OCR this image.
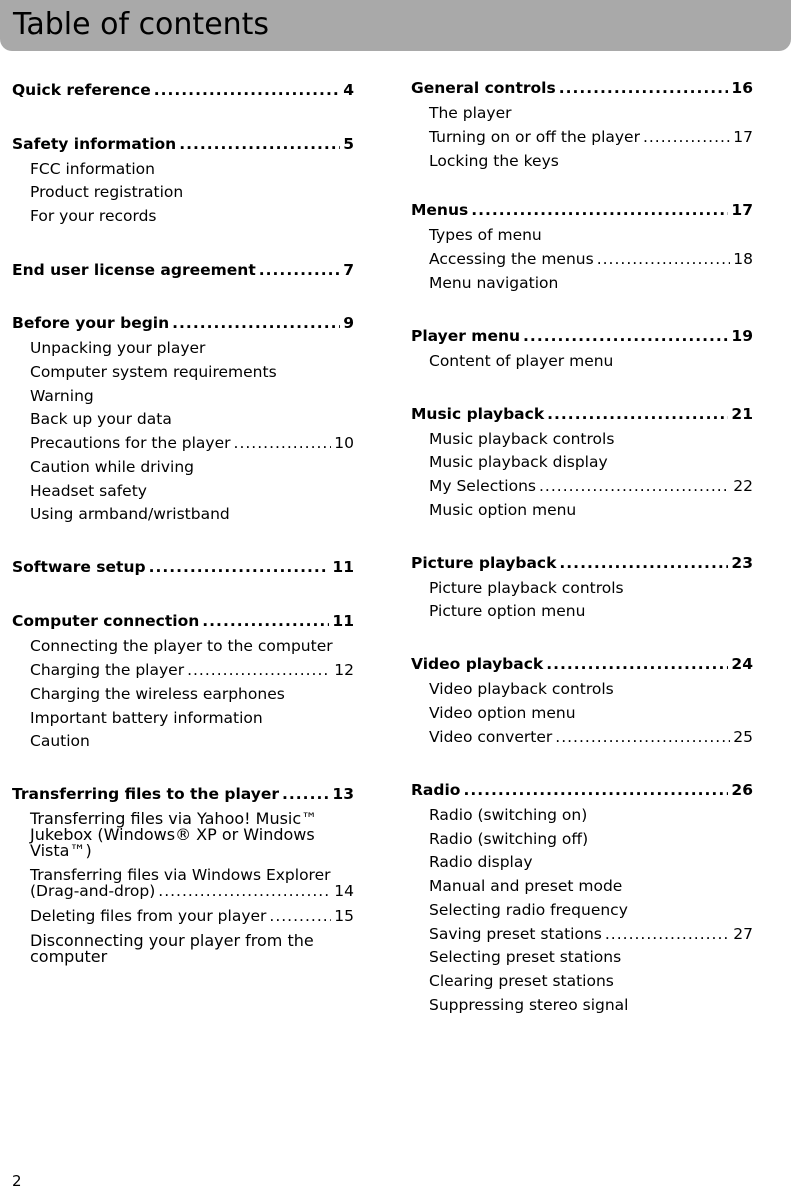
Table of contents
Quick reference .....	4
Safety information .....	5
FCC information
Product registration
For your records
End user license agreement .....	7
Before your begin .....	9
Unpacking your player
Computer system requirements
Warning
Back up your data
Precautions for the player .....	10
Caution while driving
Headset safety
Using armband/wristband
Software setup .....	11
Computer connection .....	11
Connecting the player to the computer
Charging the player .....	12
Charging the wireless earphones
Important battery information
Caution
Transferring files to the player .....	13
Transferring files via Yahoo! Music™ Jukebox (Windows® XP or Windows Vista™)
Transferring files via Windows Explorer
(Drag-and-drop) .....	14
Deleting files from your player .....	15
Disconnecting your player from the computer
General controls .....	16
The player
Turning on or off the player .....	17
Locking the keys
Menus .....	17
Types of menu
Accessing the menus .....	18
Menu navigation
Player menu .....	19
Content of player menu
Music playback .....	21
Music playback controls
Music playback display
My Selections .....	22
Music option menu
Picture playback .....	23
Picture playback controls
Picture option menu
Video playback .....	24
Video playback controls
Video option menu
Video converter .....	25
Radio .....	26
Radio (switching on)
Radio (switching off)
Radio display
Manual and preset mode
Selecting radio frequency
Saving preset stations .....	27
Selecting preset stations
Clearing preset stations
Suppressing stereo signal
2
